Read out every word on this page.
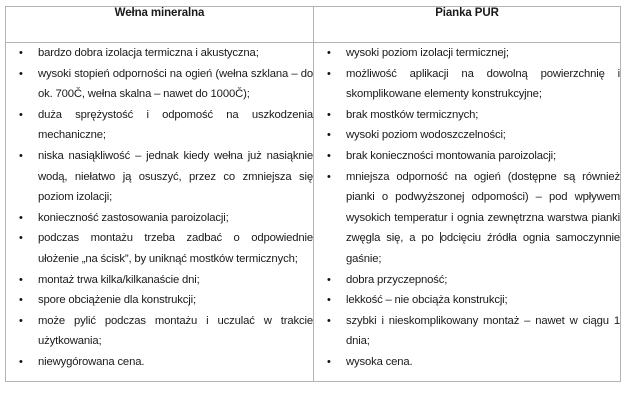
Wełna mineralna	Pianka PUR

• bardzo dobra izolacja termiczna i akustyczna;
• wysoki stopień odporności na ogień (wełna szklana – do ok. 700Č, wełna skalna – nawet do 1000Č);
• duża sprężystość i odpomość na uszkodzenia mechaniczne;
• niska nasiąkliwość – jednak kiedy wełna już nasiąknie wodą, niełatwo ją osuszyć, przez co zmniejsza się poziom izolacji;
• konieczność zastosowania paroizolacji;
• podczas montażu trzeba zadbać o odpowiednie ułożenie „na ścisk”, by uniknąć mostków termicznych;
• montaż trwa kilka/kilkanaście dni;
• spore obciążenie dla konstrukcji;
• może pylić podczas montażu i uczulać w trakcie użytkowania;
• niewygórowana cena.

• wysoki poziom izolacji termicznej;
• możliwość aplikacji na dowolną powierzchnię i skomplikowane elementy konstrukcyjne;
• brak mostków termicznych;
• wysoki poziom wodoszczelności;
• brak konieczności montowania paroizolacji;
• mniejsza odporność na ogień (dostępne są również pianki o podwyższonej odpomości) – pod wpływem wysokich temperatur i ognia zewnętrzna warstwa pianki zwęgla się, a po odcięciu źródła ognia samoczynnie gaśnie;
• dobra przyczepność;
• lekkość – nie obciąża konstrukcji;
• szybki i nieskomplikowany montaż – nawet w ciągu 1 dnia;
• wysoka cena.
